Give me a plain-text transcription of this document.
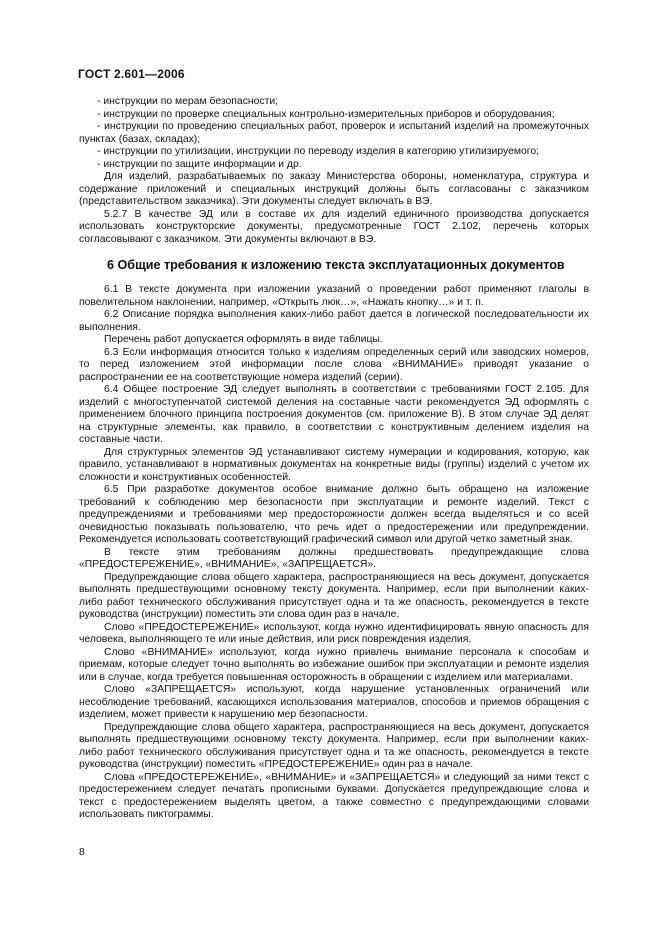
ГОСТ 2.601—2006

- инструкции по мерам безопасности;

- инструкции по проверке специальных контрольно-измерительных приборов и оборудования;

- инструкции по проведению специальных работ, проверок и испытаний изделий на промежуточных пунктах (базах, складах);

- инструкции по утилизации, инструкции по переводу изделия в категорию утилизируемого;

- инструкции по защите информации и др.

Для изделий, разрабатываемых по заказу Министерства обороны, номенклатура, структура и содержание приложений и специальных инструкций должны быть согласованы с заказчиком (представительством заказчика). Эти документы следует включать в ВЭ.

5.2.7 В качестве ЭД или в составе их для изделий единичного производства допускается использовать конструкторские документы, предусмотренные ГОСТ 2.102, перечень которых согласовывают с заказчиком. Эти документы включают в ВЭ.

6 Общие требования к изложению текста эксплуатационных документов

6.1 В тексте документа при изложении указаний о проведении работ применяют глаголы в повелительном наклонении, например, «Открыть люк…», «Нажать кнопку…» и т. п.

6.2 Описание порядка выполнения каких-либо работ дается в логической последовательности их выполнения.

Перечень работ допускается оформлять в виде таблицы.

6.3 Если информация относится только к изделиям определенных серий или заводских номеров, то перед изложением этой информации после слова «ВНИМАНИЕ» приводят указание о распространении ее на соответствующие номера изделий (серии).

6.4 Общее построение ЭД следует выполнять в соответствии с требованиями ГОСТ 2.105. Для изделий с многоступенчатой системой деления на составные части рекомендуется ЭД оформлять с применением блочного принципа построения документов (см. приложение В). В этом случае ЭД делят на структурные элементы, как правило, в соответствии с конструктивным делением изделия на составные части.

Для структурных элементов ЭД устанавливают систему нумерации и кодирования, которую, как правило, устанавливают в нормативных документах на конкретные виды (группы) изделий с учетом их сложности и конструктивных особенностей.

6.5 При разработке документов особое внимание должно быть обращено на изложение требований к соблюдению мер безопасности при эксплуатации и ремонте изделий. Текст с предупреждениями и требованиями мер предосторожности должен всегда выделяться и со всей очевидностью показывать пользователю, что речь идет о предостережении или предупреждении. Рекомендуется использовать соответствующий графический символ или другой четко заметный знак.

В тексте этим требованиям должны предшествовать предупреждающие слова «ПРЕДОСТЕРЕЖЕНИЕ», «ВНИМАНИЕ», «ЗАПРЕЩАЕТСЯ».

Предупреждающие слова общего характера, распространяющиеся на весь документ, допускается выполнять предшествующими основному тексту документа. Например, если при выполнении каких-либо работ технического обслуживания присутствует одна и та же опасность, рекомендуется в тексте руководства (инструкции) поместить эти слова один раз в начале.

Слово «ПРЕДОСТЕРЕЖЕНИЕ» используют, когда нужно идентифицировать явную опасность для человека, выполняющего те или иные действия, или риск повреждения изделия.

Слово «ВНИМАНИЕ» используют, когда нужно привлечь внимание персонала к способам и приемам, которые следует точно выполнять во избежание ошибок при эксплуатации и ремонте изделия или в случае, когда требуется повышенная осторожность в обращении с изделием или материалами.

Слово «ЗАПРЕЩАЕТСЯ» используют, когда нарушение установленных ограничений или несоблюдение требований, касающихся использования материалов, способов и приемов обращения с изделием, может привести к нарушению мер безопасности.

Предупреждающие слова общего характера, распространяющиеся на весь документ, допускается выполнять предшествующими основному тексту документа. Например, если при выполнении каких-либо работ технического обслуживания присутствует одна и та же опасность, рекомендуется в тексте руководства (инструкции) поместить «ПРЕДОСТЕРЕЖЕНИЕ» один раз в начале.

Слова «ПРЕДОСТЕРЕЖЕНИЕ», «ВНИМАНИЕ» и «ЗАПРЕЩАЕТСЯ» и следующий за ними текст с предостережением следует печатать прописными буквами. Допускается предупреждающие слова и текст с предостережением выделять цветом, а также совместно с предупреждающими словами использовать пиктограммы.

8
